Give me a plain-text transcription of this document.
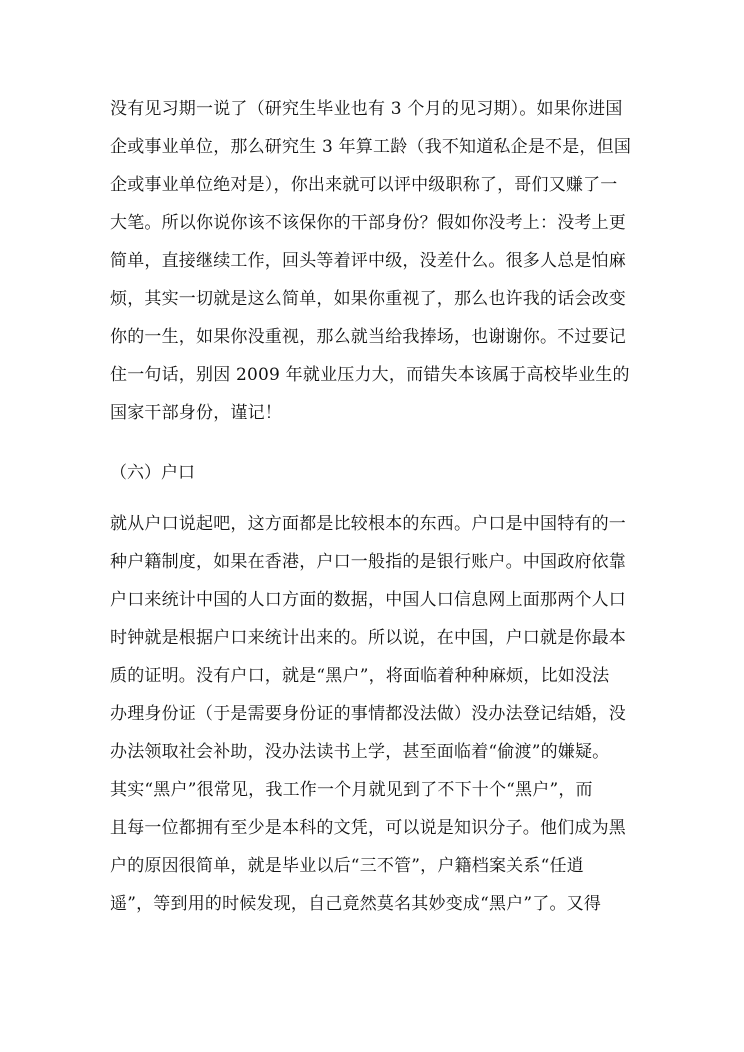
没有见习期一说了（研究生毕业也有 3 个月的见习期）。如果你进国
企或事业单位，那么研究生 3 年算工龄（我不知道私企是不是，但国
企或事业单位绝对是），你出来就可以评中级职称了，哥们又赚了一
大笔。所以你说你该不该保你的干部身份？假如你没考上：没考上更
简单，直接继续工作，回头等着评中级，没差什么。很多人总是怕麻
烦，其实一切就是这么简单，如果你重视了，那么也许我的话会改变
你的一生，如果你没重视，那么就当给我捧场，也谢谢你。不过要记
住一句话，别因 2009 年就业压力大，而错失本该属于高校毕业生的
国家干部身份，谨记！
（六）户口
就从户口说起吧，这方面都是比较根本的东西。户口是中国特有的一
种户籍制度，如果在香港，户口一般指的是银行账户。中国政府依靠
户口来统计中国的人口方面的数据，中国人口信息网上面那两个人口
时钟就是根据户口来统计出来的。所以说，在中国，户口就是你最本
质的证明。没有户口，就是“黑户”，将面临着种种麻烦，比如没法
办理身份证（于是需要身份证的事情都没法做）没办法登记结婚，没
办法领取社会补助，没办法读书上学，甚至面临着“偷渡”的嫌疑。
其实“黑户”很常见，我工作一个月就见到了不下十个“黑户”，而
且每一位都拥有至少是本科的文凭，可以说是知识分子。他们成为黑
户的原因很简单，就是毕业以后“三不管”，户籍档案关系“任逍
遥”，等到用的时候发现，自己竟然莫名其妙变成“黑户”了。又得
